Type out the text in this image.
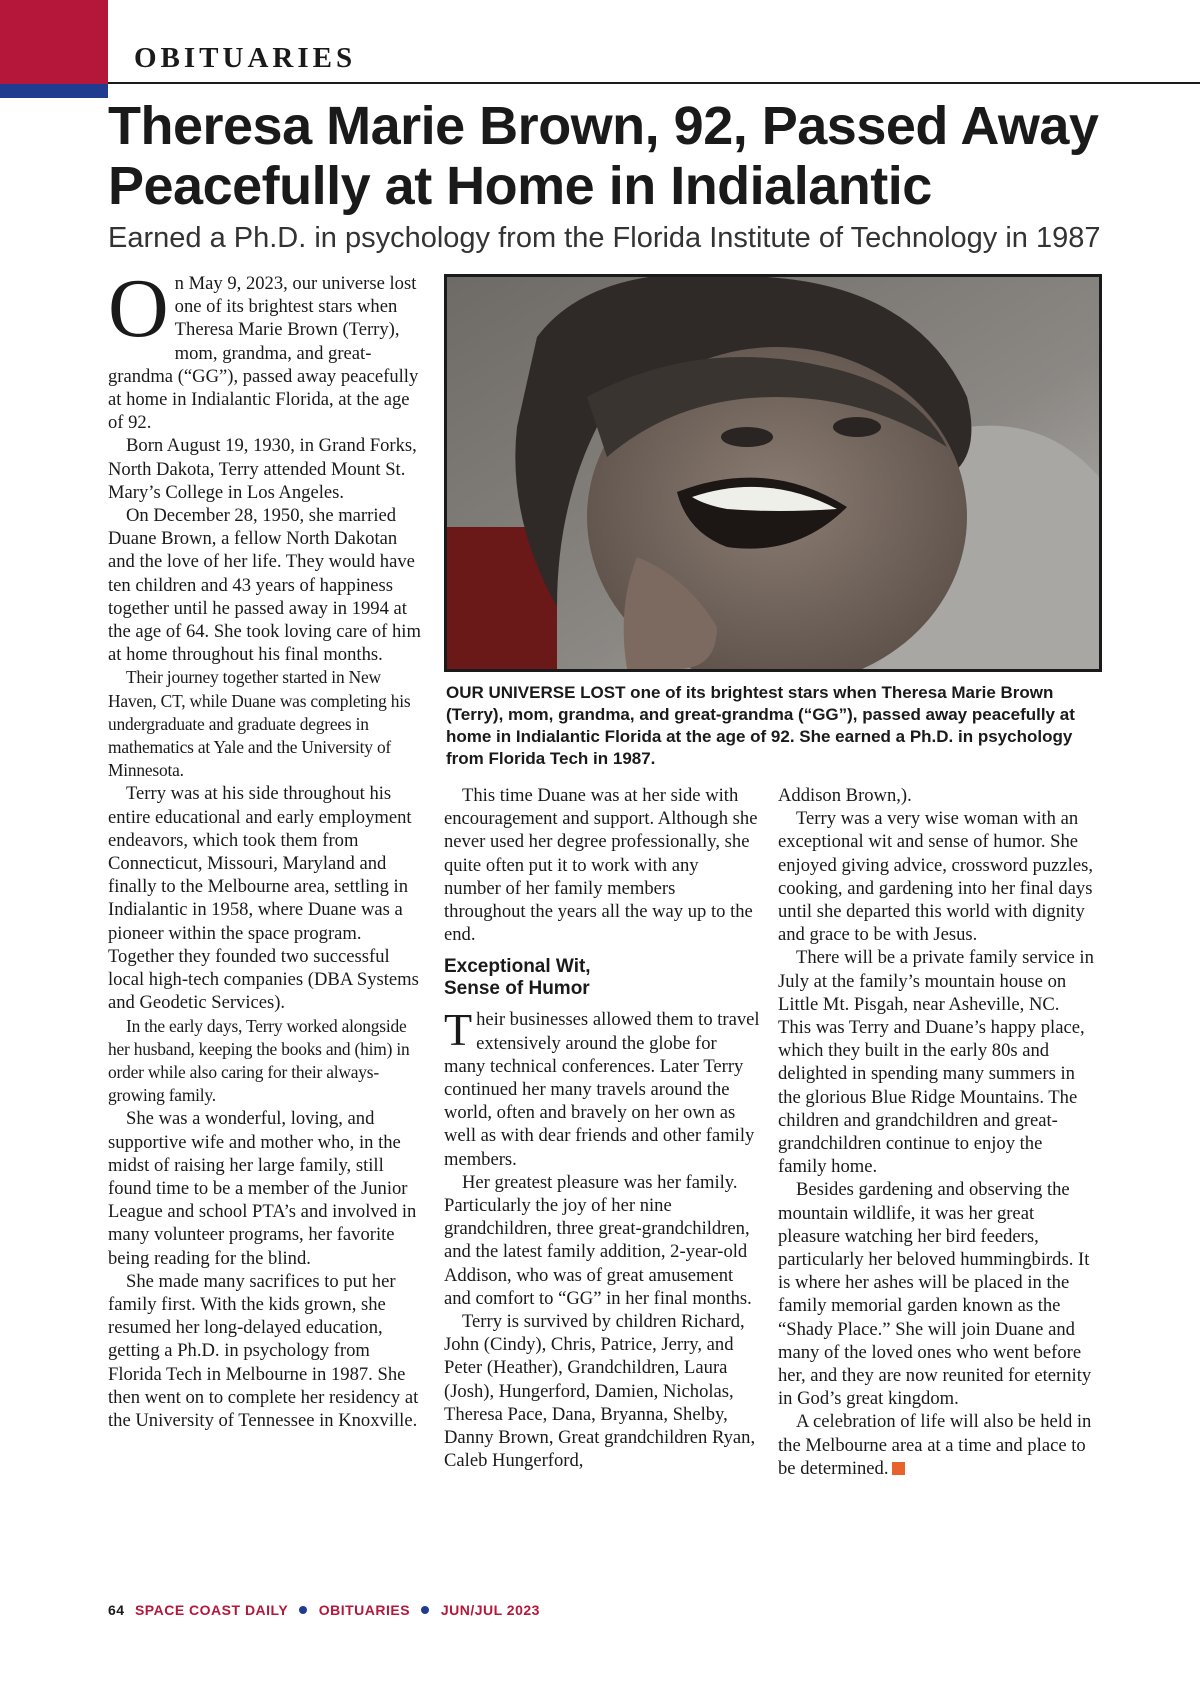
OBITUARIES
Theresa Marie Brown, 92, Passed Away Peacefully at Home in Indialantic
Earned a Ph.D. in psychology from the Florida Institute of Technology in 1987

On May 9, 2023, our universe lost one of its brightest stars when Theresa Marie Brown (Terry), mom, grandma, and great-grandma (“GG”), passed away peacefully at home in Indialantic Florida, at the age of 92.

Born August 19, 1930, in Grand Forks, North Dakota, Terry attended Mount St. Mary’s College in Los Angeles.

On December 28, 1950, she married Duane Brown, a fellow North Dakotan and the love of her life. They would have ten children and 43 years of happiness together until he passed away in 1994 at the age of 64. She took loving care of him at home throughout his final months.

Their journey together started in New Haven, CT, while Duane was completing his undergraduate and graduate degrees in mathematics at Yale and the University of Minnesota.

Terry was at his side throughout his entire educational and early employment endeavors, which took them from Connecticut, Missouri, Maryland and finally to the Melbourne area, settling in Indialantic in 1958, where Duane was a pioneer within the space program. Together they founded two successful local high-tech companies (DBA Systems and Geodetic Services).

In the early days, Terry worked alongside her husband, keeping the books and (him) in order while also caring for their always-growing family.

She was a wonderful, loving, and supportive wife and mother who, in the midst of raising her large family, still found time to be a member of the Junior League and school PTA’s and involved in many volunteer programs, her favorite being reading for the blind.

She made many sacrifices to put her family first. With the kids grown, she resumed her long-delayed education, getting a Ph.D. in psychology from Florida Tech in Melbourne in 1987. She then went on to complete her residency at the University of Tennessee in Knoxville.

OUR UNIVERSE LOST one of its brightest stars when Theresa Marie Brown (Terry), mom, grandma, and great-grandma (“GG”), passed away peacefully at home in Indialantic Florida at the age of 92. She earned a Ph.D. in psychology from Florida Tech in 1987.

This time Duane was at her side with encouragement and support. Although she never used her degree professionally, she quite often put it to work with any number of her family members throughout the years all the way up to the end.

Exceptional Wit,
Sense of Humor

Their businesses allowed them to travel extensively around the globe for many technical conferences. Later Terry continued her many travels around the world, often and bravely on her own as well as with dear friends and other family members.

Her greatest pleasure was her family. Particularly the joy of her nine grandchildren, three great-grandchildren, and the latest family addition, 2-year-old Addison, who was of great amusement and comfort to “GG” in her final months.

Terry is survived by children Richard, John (Cindy), Chris, Patrice, Jerry, and Peter (Heather), Grandchildren, Laura (Josh), Hungerford, Damien, Nicholas, Theresa Pace, Dana, Bryanna, Shelby, Danny Brown, Great grandchildren Ryan, Caleb Hungerford,

Addison Brown,).

Terry was a very wise woman with an exceptional wit and sense of humor. She enjoyed giving advice, crossword puzzles, cooking, and gardening into her final days until she departed this world with dignity and grace to be with Jesus.

There will be a private family service in July at the family’s mountain house on Little Mt. Pisgah, near Asheville, NC. This was Terry and Duane’s happy place, which they built in the early 80s and delighted in spending many summers in the glorious Blue Ridge Mountains. The children and grandchildren and great-grandchildren continue to enjoy the family home.

Besides gardening and observing the mountain wildlife, it was her great pleasure watching her bird feeders, particularly her beloved hummingbirds. It is where her ashes will be placed in the family memorial garden known as the “Shady Place.” She will join Duane and many of the loved ones who went before her, and they are now reunited for eternity in God’s great kingdom.

A celebration of life will also be held in the Melbourne area at a time and place to be determined.

64 SPACE COAST DAILY OBITUARIES JUN/JUL 2023
